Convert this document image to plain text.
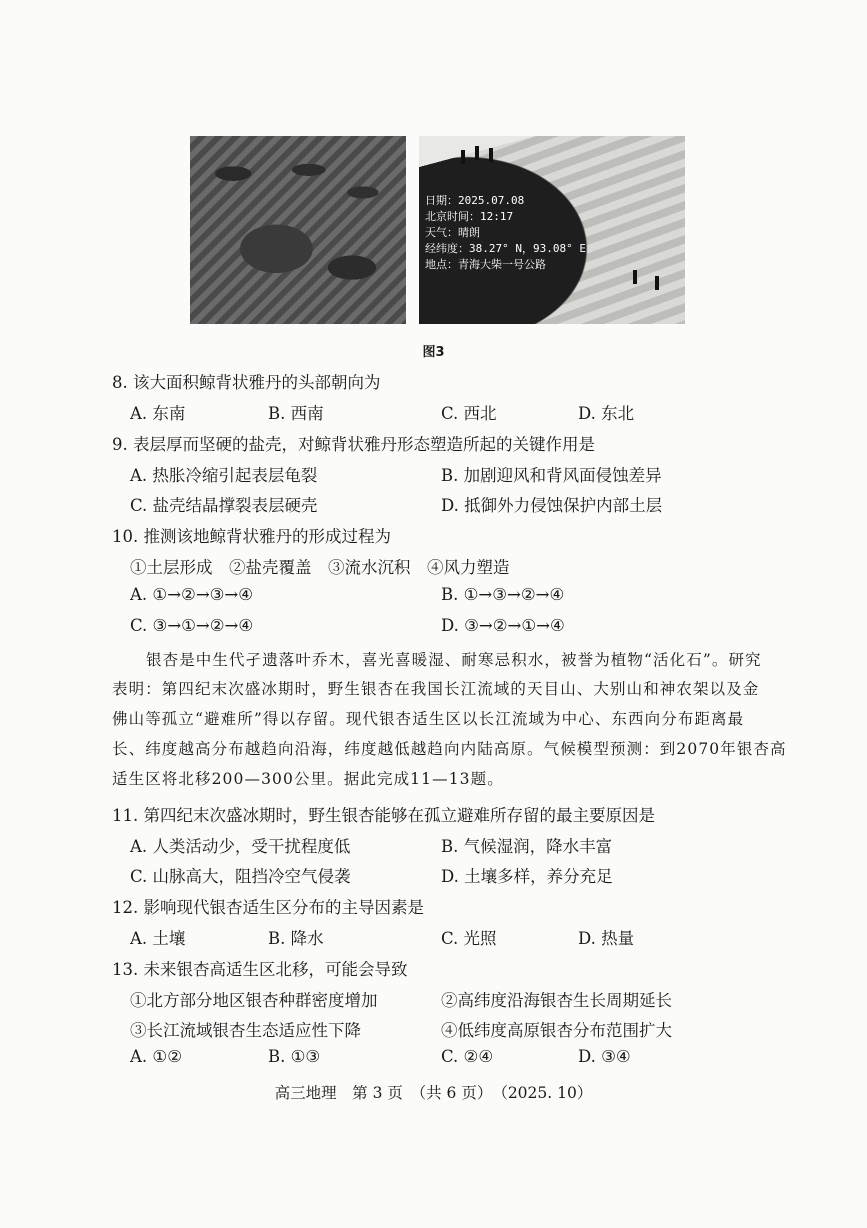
日期：2025.07.08
北京时间：12:17
天气：晴朗
经纬度：38.27° N，93.08° E
地点：青海大柴一号公路
图3
8. 该大面积鲸背状雅丹的头部朝向为
A. 东南	B. 西南	C. 西北	D. 东北
9. 表层厚而坚硬的盐壳，对鲸背状雅丹形态塑造所起的关键作用是
A. 热胀冷缩引起表层龟裂	B. 加剧迎风和背风面侵蚀差异
C. 盐壳结晶撑裂表层硬壳	D. 抵御外力侵蚀保护内部土层
10. 推测该地鲸背状雅丹的形成过程为
①土层形成　②盐壳覆盖　③流水沉积　④风力塑造
A. ①→②→③→④	B. ①→③→②→④
C. ③→①→②→④	D. ③→②→①→④
银杏是中生代孑遗落叶乔木，喜光喜暖湿、耐寒忌积水，被誉为植物“活化石”。研究
表明：第四纪末次盛冰期时，野生银杏在我国长江流域的天目山、大别山和神农架以及金
佛山等孤立“避难所”得以存留。现代银杏适生区以长江流域为中心、东西向分布距离最
长、纬度越高分布越趋向沿海，纬度越低越趋向内陆高原。气候模型预测：到2070年银杏高
适生区将北移200—300公里。据此完成11—13题。
11. 第四纪末次盛冰期时，野生银杏能够在孤立避难所存留的最主要原因是
A. 人类活动少，受干扰程度低	B. 气候湿润，降水丰富
C. 山脉高大，阻挡冷空气侵袭	D. 土壤多样，养分充足
12. 影响现代银杏适生区分布的主导因素是
A. 土壤	B. 降水	C. 光照	D. 热量
13. 未来银杏高适生区北移，可能会导致
①北方部分地区银杏种群密度增加	②高纬度沿海银杏生长周期延长
③长江流域银杏生态适应性下降	④低纬度高原银杏分布范围扩大
A. ①②	B. ①③	C. ②④	D. ③④
高三地理　第 3 页　（共 6 页）　（2025. 10）
